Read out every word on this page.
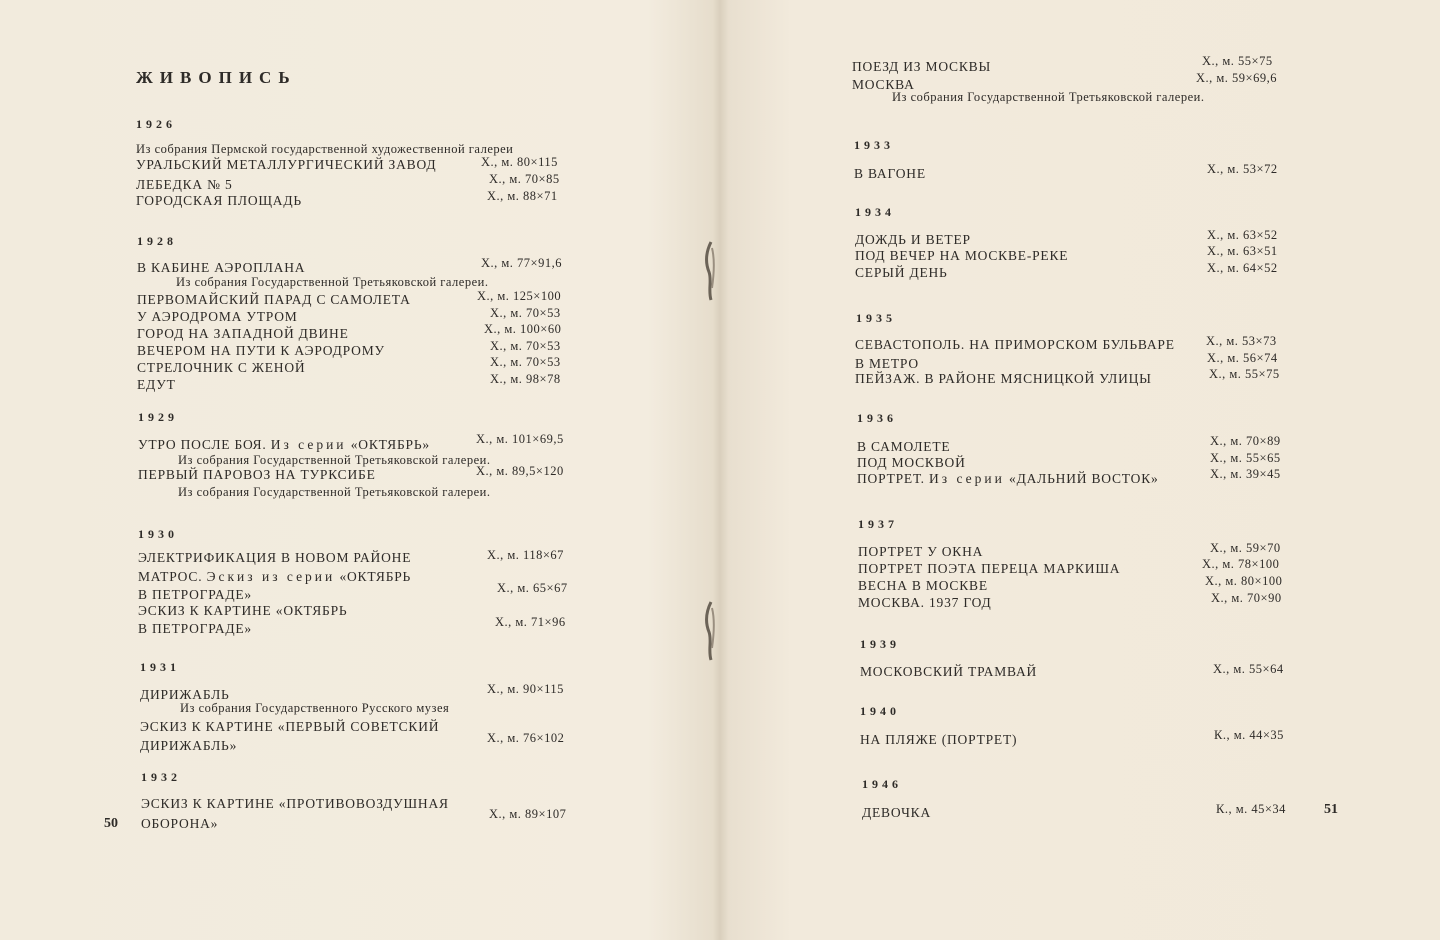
ЖИВОПИСЬ
1926
Из собрания Пермской государственной художественной галереи
УРАЛЬСКИЙ МЕТАЛЛУРГИЧЕСКИЙ ЗАВОД	Х., м. 80×115
ЛЕБЕДКА № 5	Х., м. 70×85
ГОРОДСКАЯ ПЛОЩАДЬ	Х., м. 88×71
1928
В КАБИНЕ АЭРОПЛАНА	Х., м. 77×91,6
Из собрания Государственной Третьяковской галереи.
ПЕРВОМАЙСКИЙ ПАРАД С САМОЛЕТА	Х., м. 125×100
У АЭРОДРОМА УТРОМ	Х., м. 70×53
ГОРОД НА ЗАПАДНОЙ ДВИНЕ	Х., м. 100×60
ВЕЧЕРОМ НА ПУТИ К АЭРОДРОМУ	Х., м. 70×53
СТРЕЛОЧНИК С ЖЕНОЙ	Х., м. 70×53
ЕДУТ	Х., м. 98×78
1929
УТРО ПОСЛЕ БОЯ. Из серии «ОКТЯБРЬ»	Х., м. 101×69,5
Из собрания Государственной Третьяковской галереи.
ПЕРВЫЙ ПАРОВОЗ НА ТУРКСИБЕ	Х., м. 89,5×120
Из собрания Государственной Третьяковской галереи.
1930
ЭЛЕКТРИФИКАЦИЯ В НОВОМ РАЙОНЕ	Х., м. 118×67
МАТРОС. Эскиз из серии «ОКТЯБРЬ
В ПЕТРОГРАДЕ»	Х., м. 65×67
ЭСКИЗ К КАРТИНЕ «ОКТЯБРЬ
В ПЕТРОГРАДЕ»	Х., м. 71×96
1931
ДИРИЖАБЛЬ	Х., м. 90×115
Из собрания Государственного Русского музея
ЭСКИЗ К КАРТИНЕ «ПЕРВЫЙ СОВЕТСКИЙ
ДИРИЖАБЛЬ»	Х., м. 76×102
1932
ЭСКИЗ К КАРТИНЕ «ПРОТИВОВОЗДУШНАЯ
ОБОРОНА»
Х., м. 89×107
50
ПОЕЗД ИЗ МОСКВЫ	Х., м. 55×75
МОСКВА	Х., м. 59×69,6
Из собрания Государственной Третьяковской галереи.
1933
В ВАГОНЕ	Х., м. 53×72
1934
ДОЖДЬ И ВЕТЕР	Х., м. 63×52
ПОД ВЕЧЕР НА МОСКВЕ-РЕКЕ	Х., м. 63×51
СЕРЫЙ ДЕНЬ	Х., м. 64×52
1935
СЕВАСТОПОЛЬ. НА ПРИМОРСКОМ БУЛЬВАРЕ Х., м. 53×73
В МЕТРО	Х., м. 56×74
ПЕЙЗАЖ. В РАЙОНЕ МЯСНИЦКОЙ УЛИЦЫ	Х., м. 55×75
1936
В САМОЛЕТЕ	Х., м. 70×89
ПОД МОСКВОЙ	Х., м. 55×65
ПОРТРЕТ. Из серии «ДАЛЬНИЙ ВОСТОК»	Х., м. 39×45
1937
ПОРТРЕТ У ОКНА	Х., м. 59×70
ПОРТРЕТ ПОЭТА ПЕРЕЦА МАРКИША	Х., м. 78×100
ВЕСНА В МОСКВЕ	Х., м. 80×100
МОСКВА. 1937 ГОД	Х., м. 70×90
1939
МОСКОВСКИЙ ТРАМВАЙ	Х., м. 55×64
1940
НА ПЛЯЖЕ (ПОРТРЕТ)	К., м. 44×35
1946
ДЕВОЧКА	К., м. 45×34	51
